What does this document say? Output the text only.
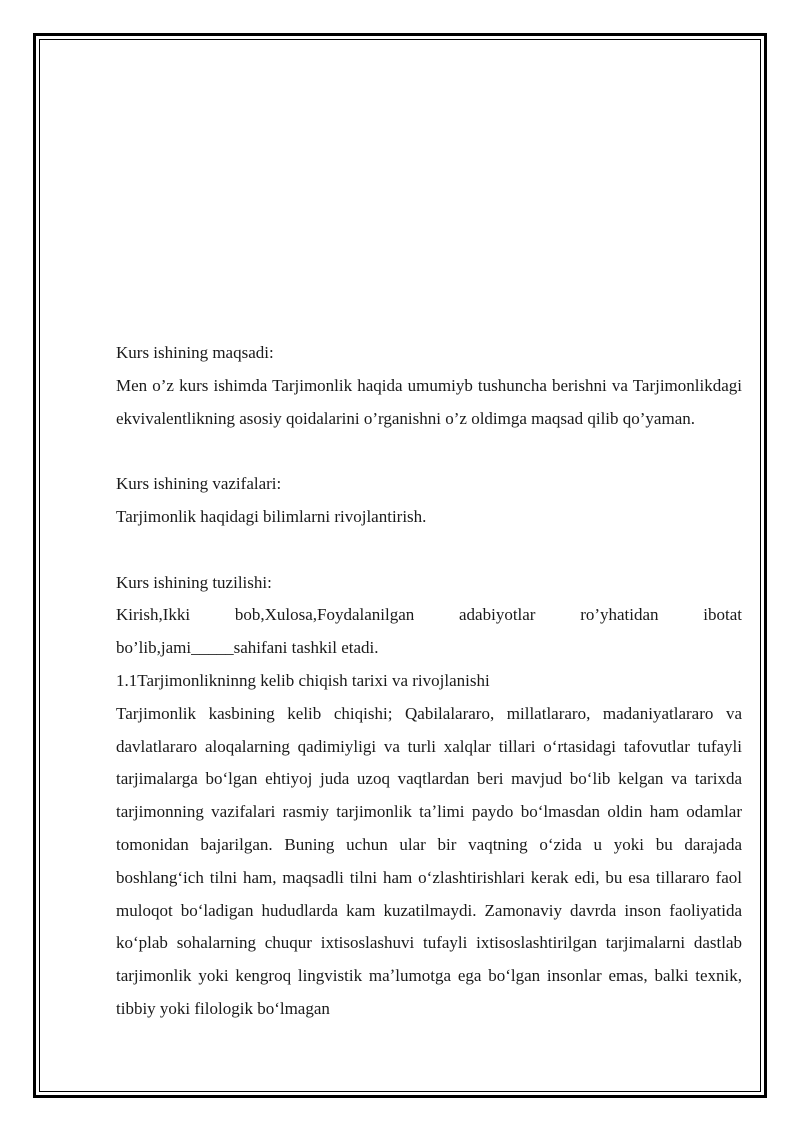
Kurs ishining maqsadi:

Men o’z kurs ishimda Tarjimonlik haqida umumiyb tushuncha berishni va Tarjimonlikdagi ekvivalentlikning asosiy qoidalarini o’rganishni o’z oldimga maqsad qilib qo’yaman.

Kurs ishining vazifalari:

Tarjimonlik haqidagi bilimlarni rivojlantirish.

Kurs ishining tuzilishi:

Kirish,Ikki bob,Xulosa,Foydalanilgan adabiyotlar ro’yhatidan ibotat bo’lib,jami_____sahifani tashkil etadi.

1.1Tarjimonlikninng kelib chiqish tarixi va rivojlanishi

Tarjimonlik kasbining kelib chiqishi; Qabilalararo, millatlararo, madaniyatlararo va davlatlararo aloqalarning qadimiyligi va turli xalqlar tillari oʻrtasidagi tafovutlar tufayli tarjimalarga boʻlgan ehtiyoj juda uzoq vaqtlardan beri mavjud boʻlib kelgan va tarixda tarjimonning vazifalari rasmiy tarjimonlik taʼlimi paydo boʻlmasdan oldin ham odamlar tomonidan bajarilgan. Buning uchun ular bir vaqtning oʻzida u yoki bu darajada boshlangʻich tilni ham, maqsadli tilni ham oʻzlashtirishlari kerak edi, bu esa tillararo faol muloqot boʻladigan hududlarda kam kuzatilmaydi. Zamonaviy davrda inson faoliyatida koʻplab sohalarning chuqur ixtisoslashuvi tufayli ixtisoslashtirilgan tarjimalarni dastlab tarjimonlik yoki kengroq lingvistik maʼlumotga ega boʻlgan insonlar emas, balki texnik, tibbiy yoki filologik boʻlmagan
